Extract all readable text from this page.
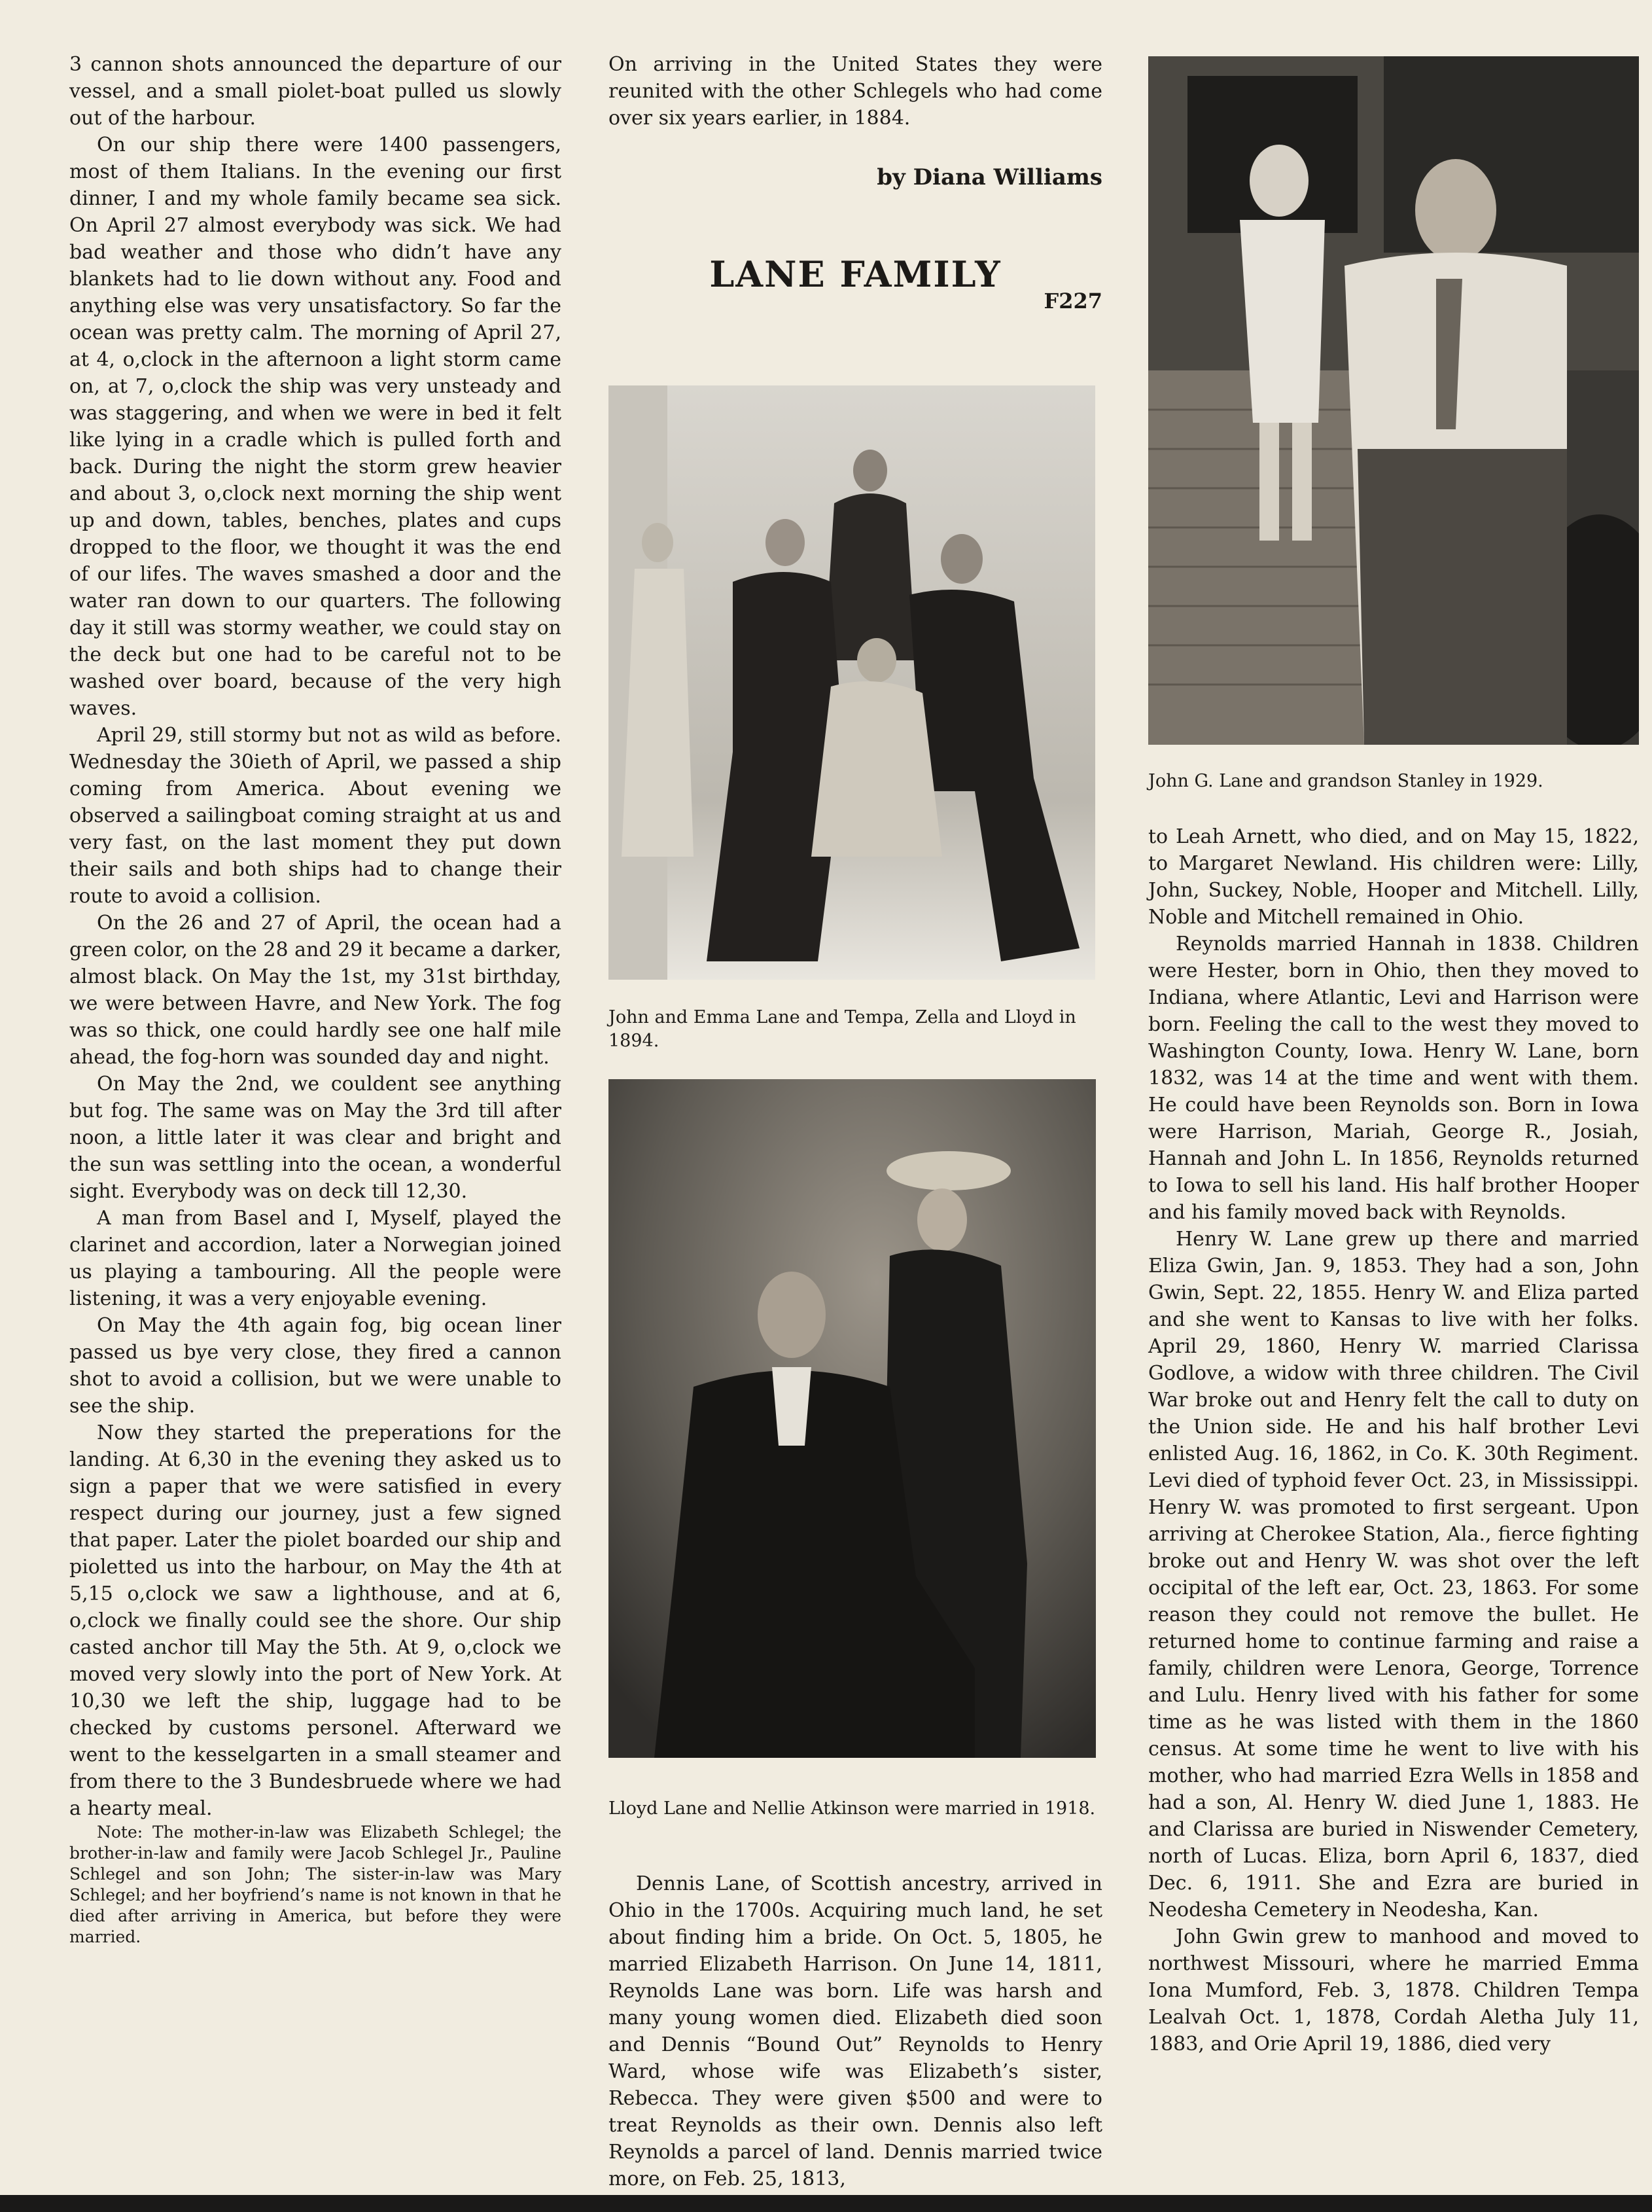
3 cannon shots announced the departure of our vessel, and a small piolet-boat pulled us slowly out of the harbour.

On our ship there were 1400 passengers, most of them Italians. In the evening our first dinner, I and my whole family became sea sick. On April 27 almost everybody was sick. We had bad weather and those who didn’t have any blankets had to lie down without any. Food and anything else was very unsatisfactory. So far the ocean was pretty calm. The morning of April 27, at 4, o,clock in the afternoon a light storm came on, at 7, o,clock the ship was very unsteady and was staggering, and when we were in bed it felt like lying in a cradle which is pulled forth and back. During the night the storm grew heavier and about 3, o,clock next morning the ship went up and down, tables, benches, plates and cups dropped to the floor, we thought it was the end of our lifes. The waves smashed a door and the water ran down to our quarters. The following day it still was stormy weather, we could stay on the deck but one had to be careful not to be washed over board, because of the very high waves.

April 29, still stormy but not as wild as before. Wednesday the 30ieth of April, we passed a ship coming from America. About evening we observed a sailingboat coming straight at us and very fast, on the last moment they put down their sails and both ships had to change their route to avoid a collision.

On the 26 and 27 of April, the ocean had a green color, on the 28 and 29 it became a darker, almost black. On May the 1st, my 31st birthday, we were between Havre, and New York. The fog was so thick, one could hardly see one half mile ahead, the fog-horn was sounded day and night.

On May the 2nd, we couldent see anything but fog. The same was on May the 3rd till after noon, a little later it was clear and bright and the sun was settling into the ocean, a wonderful sight. Everybody was on deck till 12,30.

A man from Basel and I, Myself, played the clarinet and accordion, later a Norwegian joined us playing a tambouring. All the people were listening, it was a very enjoyable evening.

On May the 4th again fog, big ocean liner passed us bye very close, they fired a cannon shot to avoid a collision, but we were unable to see the ship.

Now they started the preperations for the landing. At 6,30 in the evening they asked us to sign a paper that we were satisfied in every respect during our journey, just a few signed that paper. Later the piolet boarded our ship and pioletted us into the harbour, on May the 4th at 5,15 o,clock we saw a lighthouse, and at 6, o,clock we finally could see the shore. Our ship casted anchor till May the 5th. At 9, o,clock we moved very slowly into the port of New York. At 10,30 we left the ship, luggage had to be checked by customs personel. Afterward we went to the kesselgarten in a small steamer and from there to the 3 Bundesbruede where we had a hearty meal.

Note: The mother-in-law was Elizabeth Schlegel; the brother-in-law and family were Jacob Schlegel Jr., Pauline Schlegel and son John; The sister-in-law was Mary Schlegel; and her boyfriend’s name is not known in that he died after arriving in America, but before they were married.

On arriving in the United States they were reunited with the other Schlegels who had come over six years earlier, in 1884.

by Diana Williams
LANE FAMILY
F227

John and Emma Lane and Tempa, Zella and Lloyd in 1894.

Lloyd Lane and Nellie Atkinson were married in 1918.

Dennis Lane, of Scottish ancestry, arrived in Ohio in the 1700s. Acquiring much land, he set about finding him a bride. On Oct. 5, 1805, he married Elizabeth Harrison. On June 14, 1811, Reynolds Lane was born. Life was harsh and many young women died. Elizabeth died soon and Dennis “Bound Out” Reynolds to Henry Ward, whose wife was Elizabeth’s sister, Rebecca. They were given $500 and were to treat Reynolds as their own. Dennis also left Reynolds a parcel of land. Dennis married twice more, on Feb. 25, 1813,

John G. Lane and grandson Stanley in 1929.

to Leah Arnett, who died, and on May 15, 1822, to Margaret Newland. His children were: Lilly, John, Suckey, Noble, Hooper and Mitchell. Lilly, Noble and Mitchell remained in Ohio.

Reynolds married Hannah in 1838. Children were Hester, born in Ohio, then they moved to Indiana, where Atlantic, Levi and Harrison were born. Feeling the call to the west they moved to Washington County, Iowa. Henry W. Lane, born 1832, was 14 at the time and went with them. He could have been Reynolds son. Born in Iowa were Harrison, Mariah, George R., Josiah, Hannah and John L. In 1856, Reynolds returned to Iowa to sell his land. His half brother Hooper and his family moved back with Reynolds.

Henry W. Lane grew up there and married Eliza Gwin, Jan. 9, 1853. They had a son, John Gwin, Sept. 22, 1855. Henry W. and Eliza parted and she went to Kansas to live with her folks. April 29, 1860, Henry W. married Clarissa Godlove, a widow with three children. The Civil War broke out and Henry felt the call to duty on the Union side. He and his half brother Levi enlisted Aug. 16, 1862, in Co. K. 30th Regiment. Levi died of typhoid fever Oct. 23, in Mississippi. Henry W. was promoted to first sergeant. Upon arriving at Cherokee Station, Ala., fierce fighting broke out and Henry W. was shot over the left occipital of the left ear, Oct. 23, 1863. For some reason they could not remove the bullet. He returned home to continue farming and raise a family, children were Lenora, George, Torrence and Lulu. Henry lived with his father for some time as he was listed with them in the 1860 census. At some time he went to live with his mother, who had married Ezra Wells in 1858 and had a son, Al. Henry W. died June 1, 1883. He and Clarissa are buried in Niswender Cemetery, north of Lucas. Eliza, born April 6, 1837, died Dec. 6, 1911. She and Ezra are buried in Neodesha Cemetery in Neodesha, Kan.

John Gwin grew to manhood and moved to northwest Missouri, where he married Emma Iona Mumford, Feb. 3, 1878. Children Tempa Lealvah Oct. 1, 1878, Cordah Aletha July 11, 1883, and Orie April 19, 1886, died very
